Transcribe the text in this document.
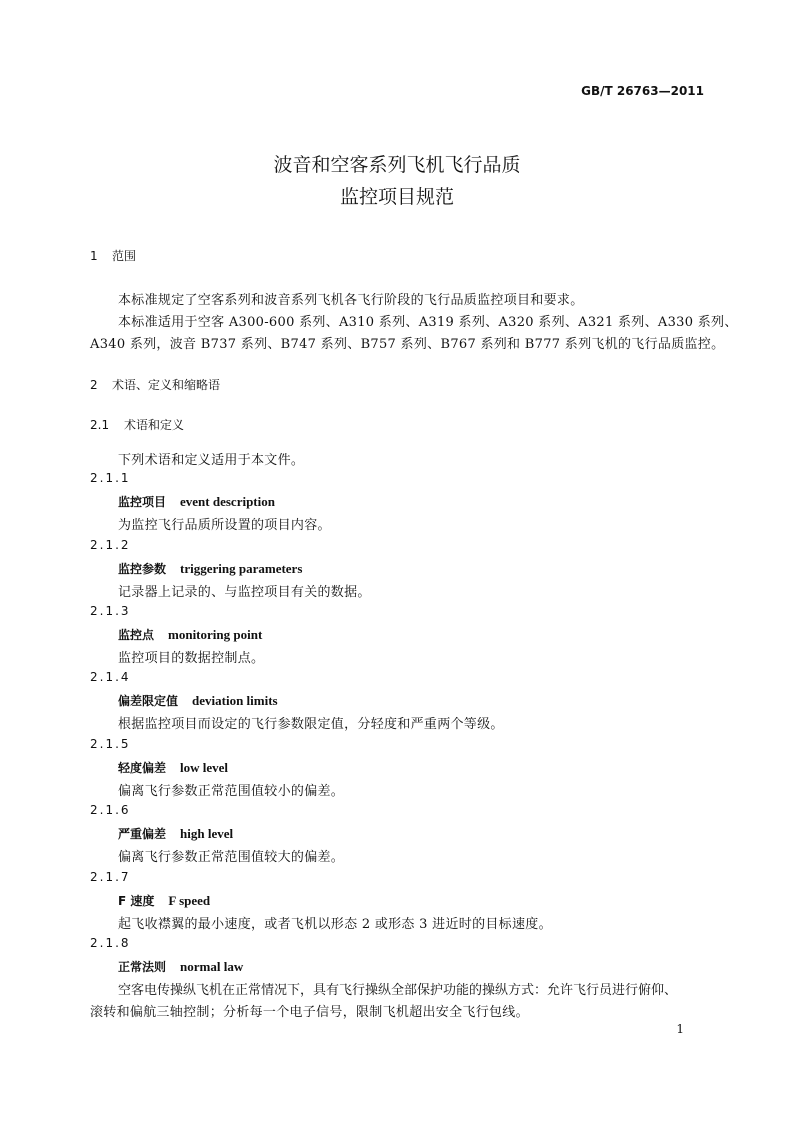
GB/T 26763—2011
波音和空客系列飞机飞行品质
监控项目规范
1 范围
本标准规定了空客系列和波音系列飞机各飞行阶段的飞行品质监控项目和要求。
本标准适用于空客 A300-600 系列、A310 系列、A319 系列、A320 系列、A321 系列、A330 系列、
A340 系列，波音 B737 系列、B747 系列、B757 系列、B767 系列和 B777 系列飞机的飞行品质监控。
2 术语、定义和缩略语
2.1 术语和定义
下列术语和定义适用于本文件。
2.1.1
监控项目 event description
为监控飞行品质所设置的项目内容。
2.1.2
监控参数 triggering parameters
记录器上记录的、与监控项目有关的数据。
2.1.3
监控点 monitoring point
监控项目的数据控制点。
2.1.4
偏差限定值 deviation limits
根据监控项目而设定的飞行参数限定值，分轻度和严重两个等级。
2.1.5
轻度偏差 low level
偏离飞行参数正常范围值较小的偏差。
2.1.6
严重偏差 high level
偏离飞行参数正常范围值较大的偏差。
2.1.7
F 速度 F speed
起飞收襟翼的最小速度，或者飞机以形态 2 或形态 3 进近时的目标速度。
2.1.8
正常法则 normal law
空客电传操纵飞机在正常情况下，具有飞行操纵全部保护功能的操纵方式：允许飞行员进行俯仰、
滚转和偏航三轴控制；分析每一个电子信号，限制飞机超出安全飞行包线。
1
